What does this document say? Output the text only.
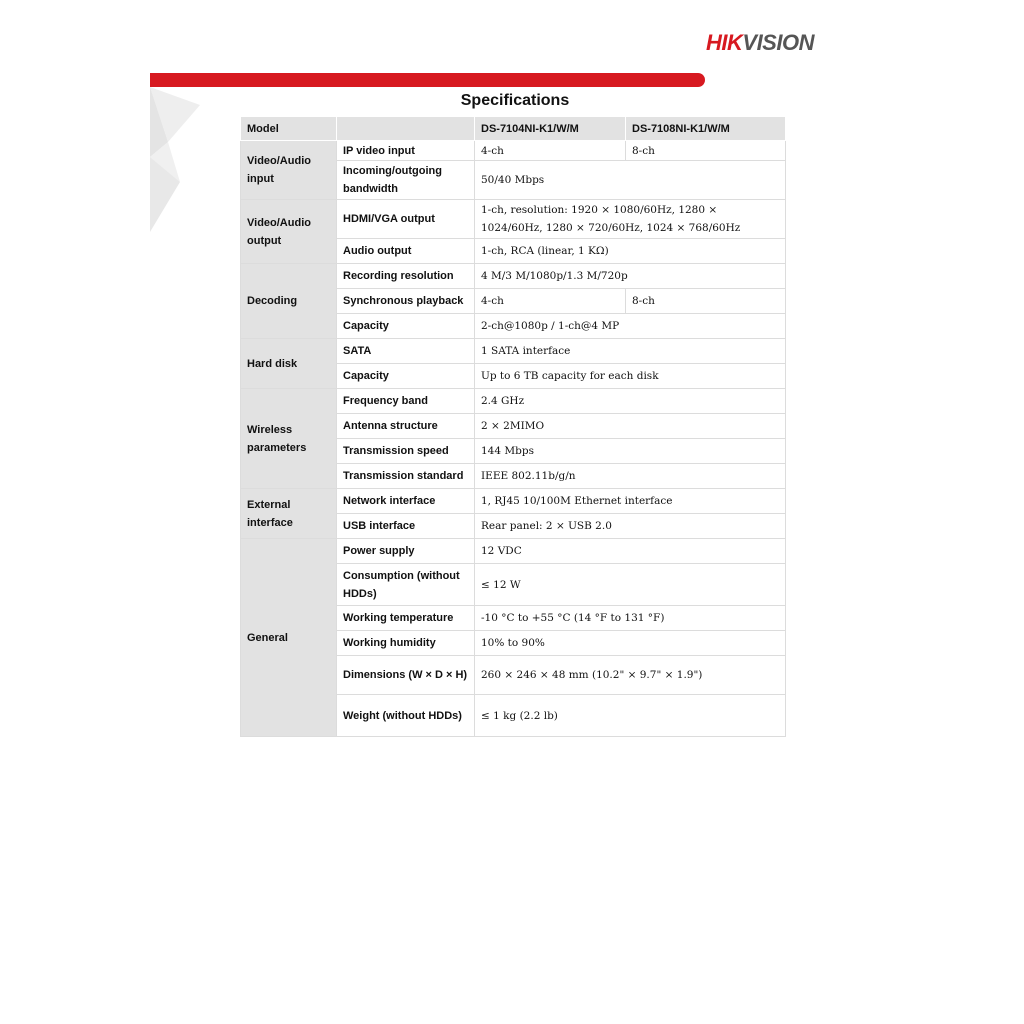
HIKVISION
Specifications
Model		DS-7104NI-K1/W/M	DS-7108NI-K1/W/M
Video/Audio input	IP video input	4-ch	8-ch
	Incoming/outgoing bandwidth	50/40 Mbps	
Video/Audio output	HDMI/VGA output	1-ch, resolution: 1920 × 1080/60Hz, 1280 × 1024/60Hz, 1280 × 720/60Hz, 1024 × 768/60Hz	
	Audio output	1-ch, RCA (linear, 1 KΩ)	
Decoding	Recording resolution	4 M/3 M/1080p/1.3 M/720p	
	Synchronous playback	4-ch	8-ch
	Capacity	2-ch@1080p / 1-ch@4 MP	
Hard disk	SATA	1 SATA interface	
	Capacity	Up to 6 TB capacity for each disk	
Wireless parameters	Frequency band	2.4 GHz	
	Antenna structure	2 × 2MIMO	
	Transmission speed	144 Mbps	
	Transmission standard	IEEE 802.11b/g/n	
External interface	Network interface	1, RJ45 10/100M Ethernet interface	
	USB interface	Rear panel: 2 × USB 2.0	
General	Power supply	12 VDC	
	Consumption (without HDDs)	≤ 12 W	
	Working temperature	-10 °C to +55 °C (14 °F to 131 °F)	
	Working humidity	10% to 90%	
	Dimensions (W × D × H)	260 × 246 × 48 mm (10.2" × 9.7" × 1.9")	
	Weight (without HDDs)	≤ 1 kg (2.2 lb)	
